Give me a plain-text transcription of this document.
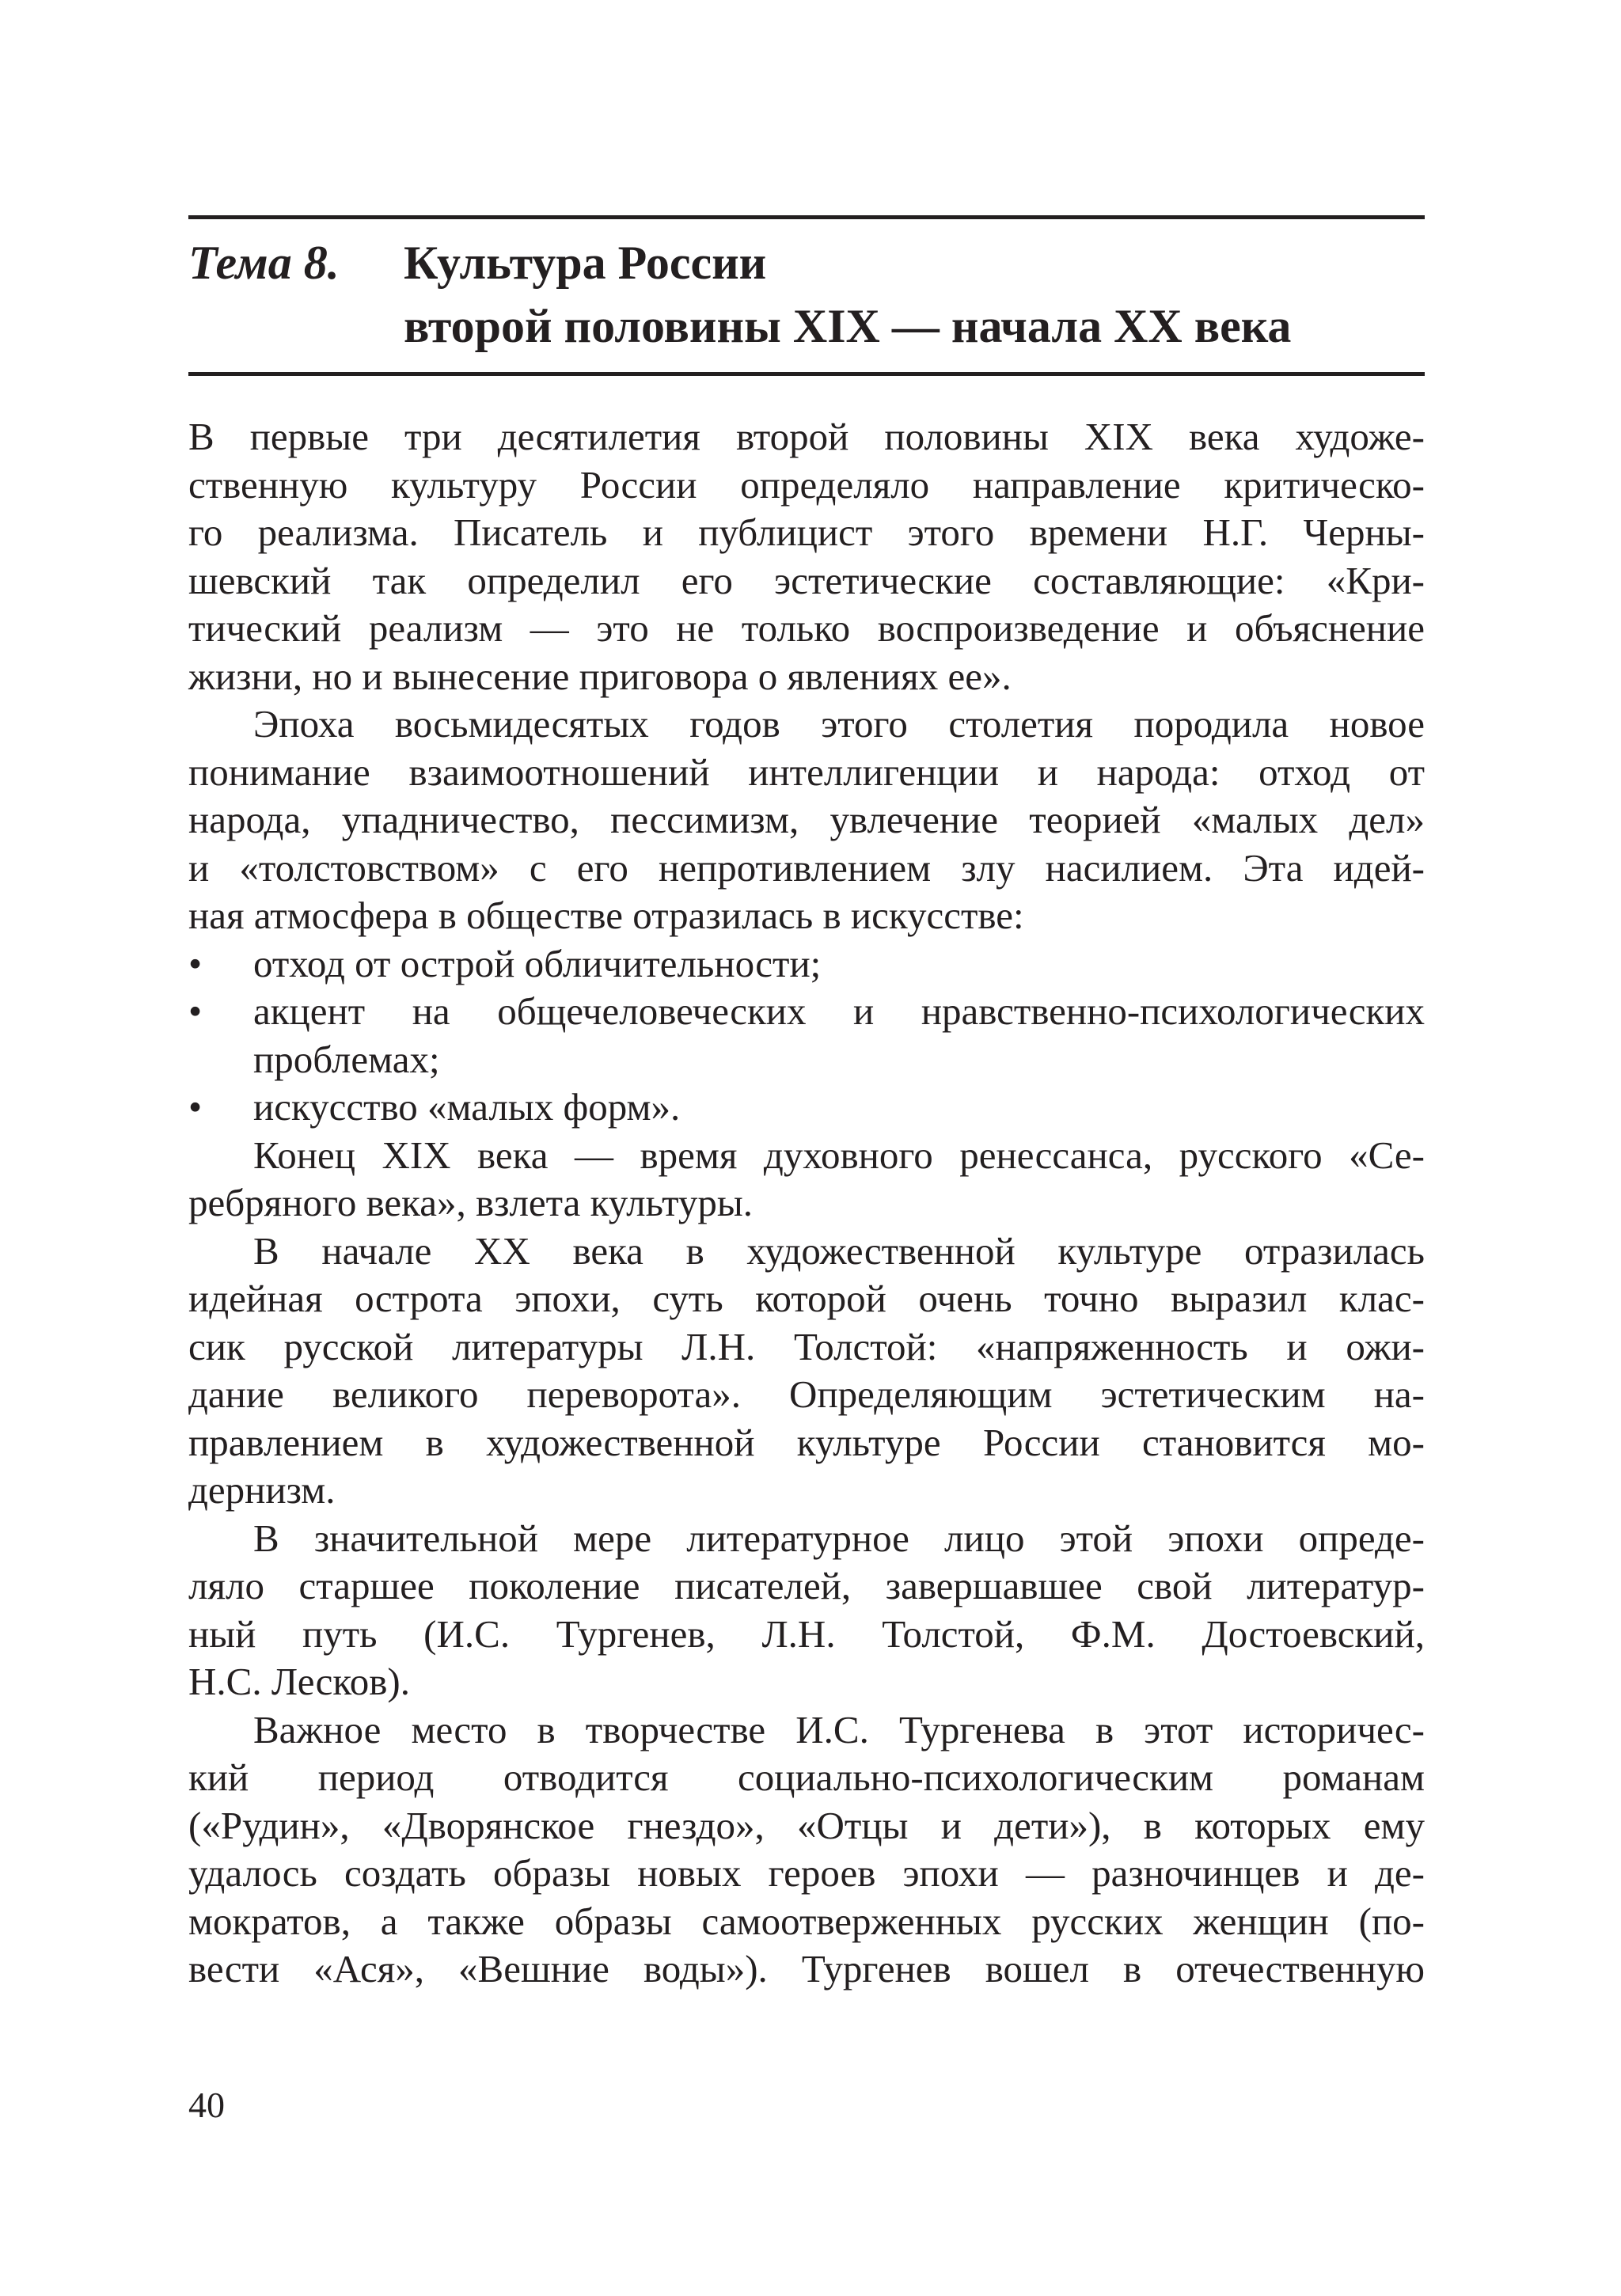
Тема 8. Культура России
второй половины XIX — начала XX века
В первые три десятилетия второй половины XIX века художе-
ственную культуру России определяло направление критическо-
го реализма. Писатель и публицист этого времени Н.Г. Черны-
шевский так определил его эстетические составляющие: «Кри-
тический реализм — это не только воспроизведение и объяснение
жизни, но и вынесение приговора о явлениях ее».
Эпоха восьмидесятых годов этого столетия породила новое
понимание взаимоотношений интеллигенции и народа: отход от
народа, упадничество, пессимизм, увлечение теорией «малых дел»
и «толстовством» с его непротивлением злу насилием. Эта идей-
ная атмосфера в обществе отразилась в искусстве:
• отход от острой обличительности;
• акцент на общечеловеческих и нравственно-психологических
проблемах;
• искусство «малых форм».
Конец XIX века — время духовного ренессанса, русского «Се-
ребряного века», взлета культуры.
В начале XX века в художественной культуре отразилась
идейная острота эпохи, суть которой очень точно выразил клас-
сик русской литературы Л.Н. Толстой: «напряженность и ожи-
дание великого переворота». Определяющим эстетическим на-
правлением в художественной культуре России становится мо-
дернизм.
В значительной мере литературное лицо этой эпохи опреде-
ляло старшее поколение писателей, завершавшее свой литератур-
ный путь (И.С. Тургенев, Л.Н. Толстой, Ф.М. Достоевский,
Н.С. Лесков).
Важное место в творчестве И.С. Тургенева в этот историчес-
кий период отводится социально-психологическим романам
(«Рудин», «Дворянское гнездо», «Отцы и дети»), в которых ему
удалось создать образы новых героев эпохи — разночинцев и де-
мократов, а также образы самоотверженных русских женщин (по-
вести «Ася», «Вешние воды»). Тургенев вошел в отечественную
40
